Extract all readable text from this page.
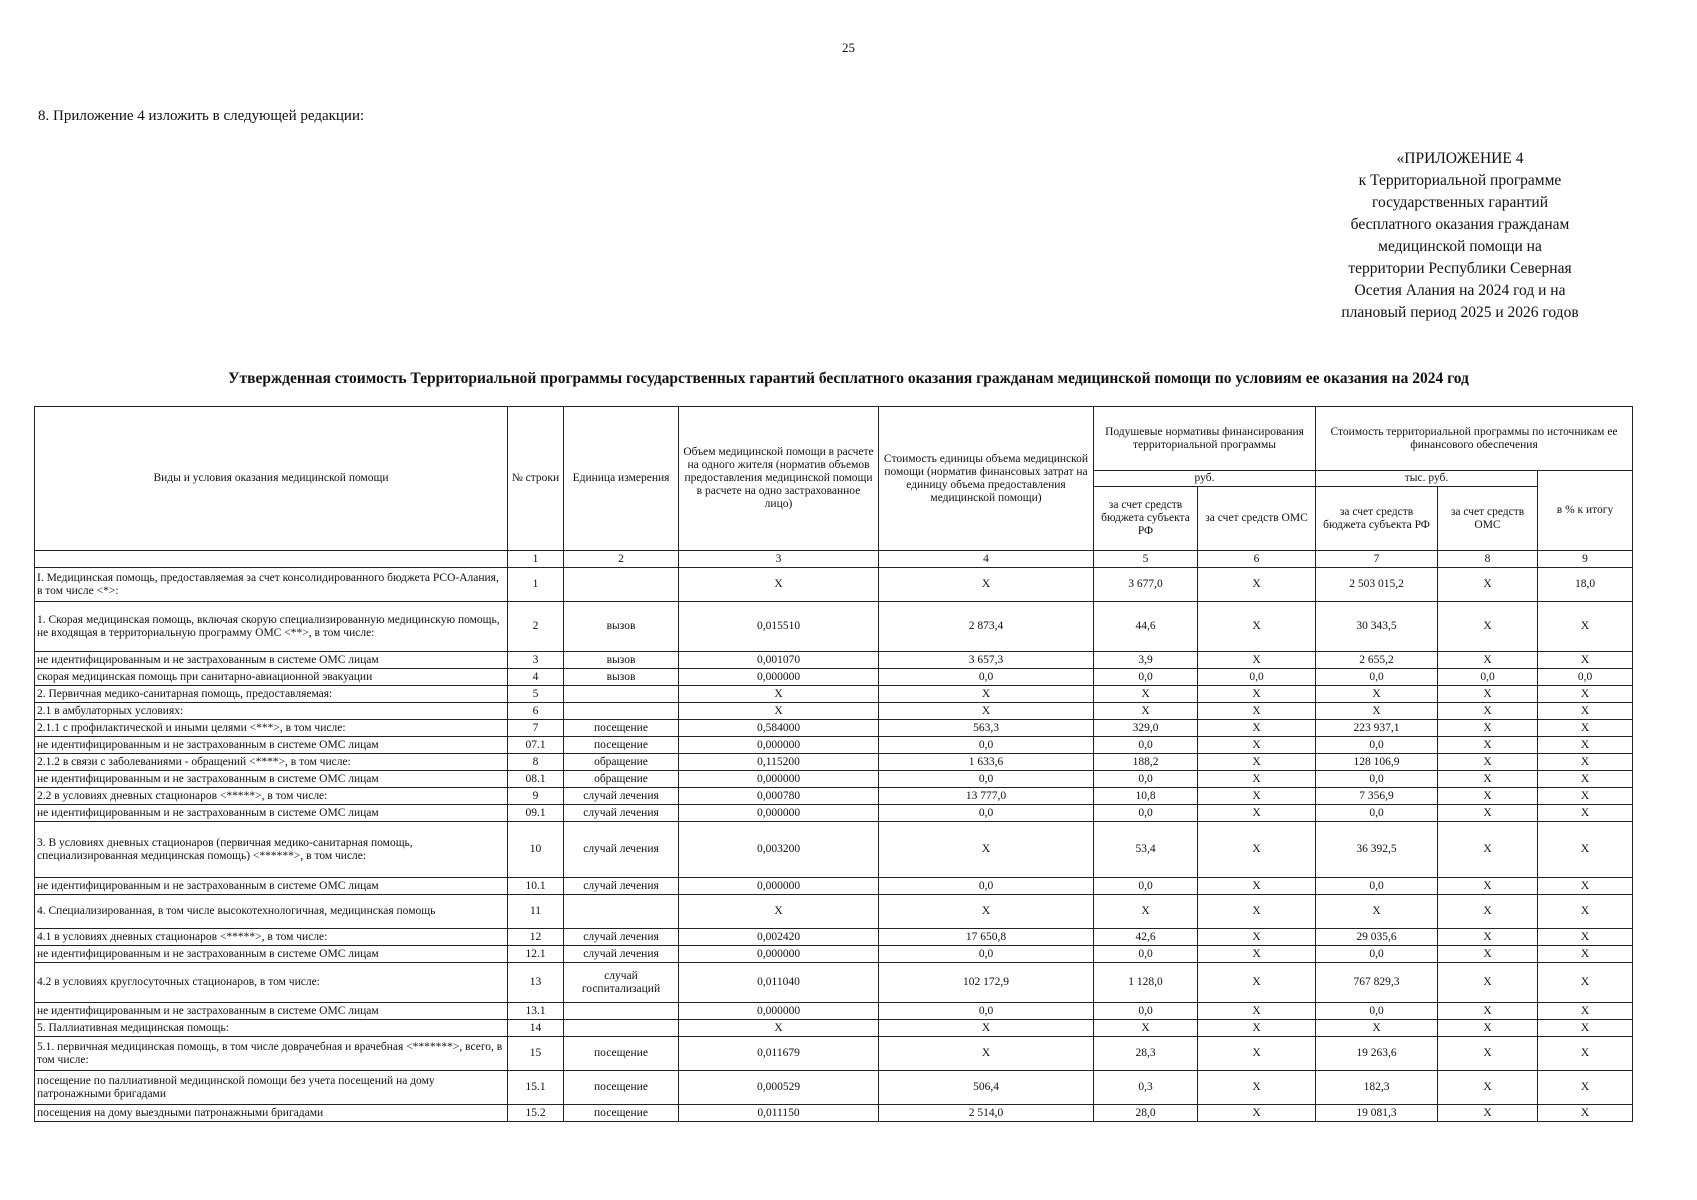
25
8. Приложение 4 изложить в следующей редакции:
«ПРИЛОЖЕНИЕ 4
к Территориальной программе
государственных гарантий
бесплатного оказания гражданам
медицинской помощи на
территории Республики Северная
Осетия Алания на 2024 год и на
плановый период 2025 и 2026 годов
Утвержденная стоимость Территориальной программы государственных гарантий бесплатного оказания гражданам медицинской помощи по условиям ее оказания на 2024 год
Виды и условия оказания медицинской помощи	№ строки	Единица измерения	Объем медицинской помощи в расчете на одного жителя (норматив объемов предоставления медицинской помощи в расчете на одно застрахованное лицо)	Стоимость единицы объема медицинской помощи (норматив финансовых затрат на единицу объема предоставления медицинской помощи)	Подушевые нормативы финансирования территориальной программы		Стоимость территориальной программы по источникам ее финансового обеспечения		
					руб.		тыс. руб.		в % к итогу
					за счет средств бюджета субъекта РФ	за счет средств ОМС	за счет средств бюджета субъекта РФ	за счет средств ОМС	
	1	2	3	4	5	6	7	8	9
I. Медицинская помощь, предоставляемая за счет консолидированного бюджета РСО-Алания, в том числе <*>:	1		X	X	3 677,0	X	2 503 015,2	X	18,0
1. Скорая медицинская помощь, включая скорую специализированную медицинскую помощь, не входящая в территориальную программу ОМС <**>, в том числе:	2	вызов	0,015510	2 873,4	44,6	X	30 343,5	X	X
не идентифицированным и не застрахованным в системе ОМС лицам	3	вызов	0,001070	3 657,3	3,9	X	2 655,2	X	X
скорая медицинская помощь при санитарно-авиационной эвакуации	4	вызов	0,000000	0,0	0,0	0,0	0,0	0,0	0,0
2. Первичная медико-санитарная помощь, предоставляемая:	5		X	X	X	X	X	X	X
2.1 в амбулаторных условиях:	6		X	X	X	X	X	X	X
2.1.1 с профилактической и иными целями <***>, в том числе:	7	посещение	0,584000	563,3	329,0	X	223 937,1	X	X
не идентифицированным и не застрахованным в системе ОМС лицам	07.1	посещение	0,000000	0,0	0,0	X	0,0	X	X
2.1.2 в связи с заболеваниями - обращений <****>, в том числе:	8	обращение	0,115200	1 633,6	188,2	X	128 106,9	X	X
не идентифицированным и не застрахованным в системе ОМС лицам	08.1	обращение	0,000000	0,0	0,0	X	0,0	X	X
2.2 в условиях дневных стационаров <*****>, в том числе:	9	случай лечения	0,000780	13 777,0	10,8	X	7 356,9	X	X
не идентифицированным и не застрахованным в системе ОМС лицам	09.1	случай лечения	0,000000	0,0	0,0	X	0,0	X	X
3. В условиях дневных стационаров (первичная медико-санитарная помощь, специализированная медицинская помощь) <******>, в том числе:	10	случай лечения	0,003200	X	53,4	X	36 392,5	X	X
не идентифицированным и не застрахованным в системе ОМС лицам	10.1	случай лечения	0,000000	0,0	0,0	X	0,0	X	X
4. Специализированная, в том числе высокотехнологичная, медицинская помощь	11		X	X	X	X	X	X	X
4.1 в условиях дневных стационаров <*****>, в том числе:	12	случай лечения	0,002420	17 650,8	42,6	X	29 035,6	X	X
не идентифицированным и не застрахованным в системе ОМС лицам	12.1	случай лечения	0,000000	0,0	0,0	X	0,0	X	X
4.2 в условиях круглосуточных стационаров, в том числе:	13	случай госпитализаций	0,011040	102 172,9	1 128,0	X	767 829,3	X	X
не идентифицированным и не застрахованным в системе ОМС лицам	13.1		0,000000	0,0	0,0	X	0,0	X	X
5. Паллиативная медицинская помощь:	14		X	X	X	X	X	X	X
5.1. первичная медицинская помощь, в том числе доврачебная и врачебная <*******>, всего, в том числе:	15	посещение	0,011679	X	28,3	X	19 263,6	X	X
посещение по паллиативной медицинской помощи без учета посещений на дому патронажными бригадами	15.1	посещение	0,000529	506,4	0,3	X	182,3	X	X
посещения на дому выездными патронажными бригадами	15.2	посещение	0,011150	2 514,0	28,0	X	19 081,3	X	X
